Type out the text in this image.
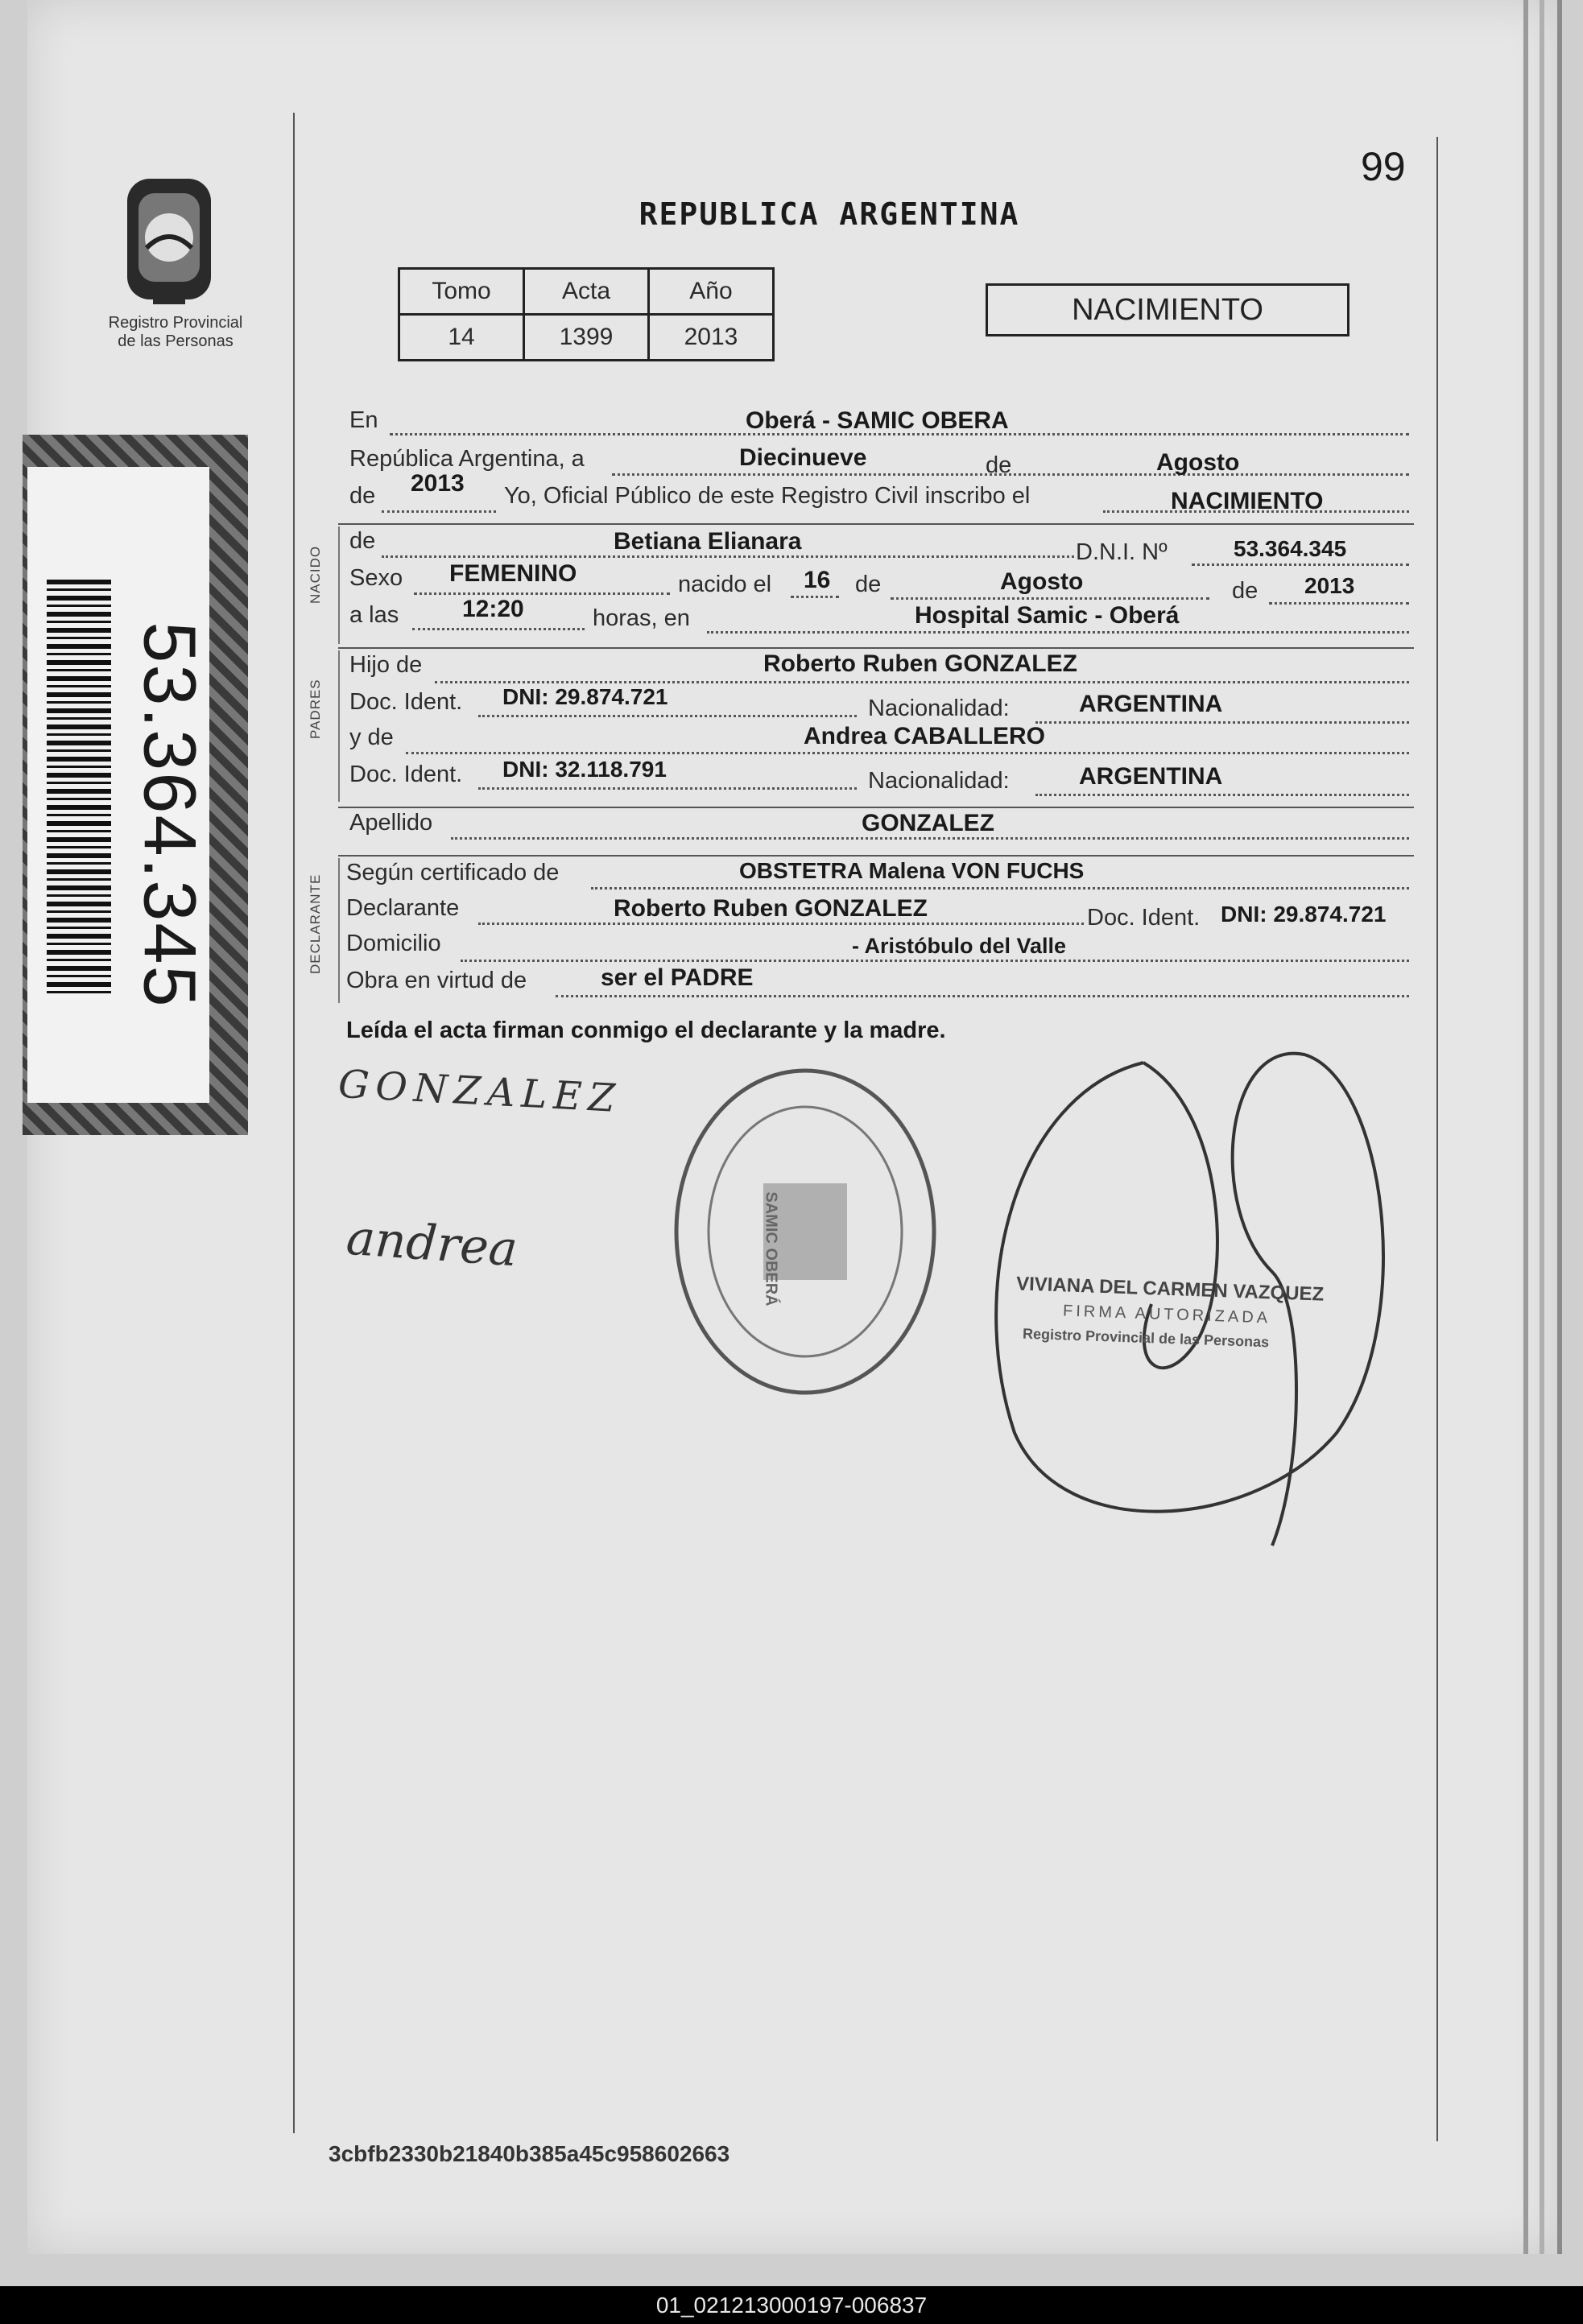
99
Registro Provincial
de las Personas
53.364.345
REPUBLICA ARGENTINA
Tomo	Acta	Año
14	1399	2013
NACIMIENTO
En	Oberá - SAMIC OBERA
República Argentina, a	Diecinueve	de	Agosto
de 2013 Yo, Oficial Público de este Registro Civil inscribo el	NACIMIENTO
NACIDO
de	Betiana Elianara	D.N.I. Nº	53.364.345
Sexo FEMENINO	nacido el 16 de	Agosto	de 2013
a las	12:20	horas, en	Hospital Samic - Oberá
PADRES
Hijo de	Roberto Ruben GONZALEZ
Doc. Ident. DNI: 29.874.721	Nacionalidad:	ARGENTINA
y de	Andrea CABALLERO
Doc. Ident. DNI: 32.118.791	Nacionalidad:	ARGENTINA
Apellido	GONZALEZ
DECLARANTE
Según certificado de	OBSTETRA Malena VON FUCHS
Declarante	Roberto Ruben GONZALEZ	Doc. Ident. DNI: 29.874.721
Domicilio	- Aristóbulo del Valle
Obra en virtud de	ser el PADRE
Leída el acta firman conmigo el declarante y la madre.
GONZALEZ
andrea	SAMIC OBERÁ	VIVIANA DEL CARMEN VAZQUEZ
FIRMA AUTORIZADA
Registro Provincial de las Personas
3cbfb2330b21840b385a45c958602663
01_021213000197-006837
